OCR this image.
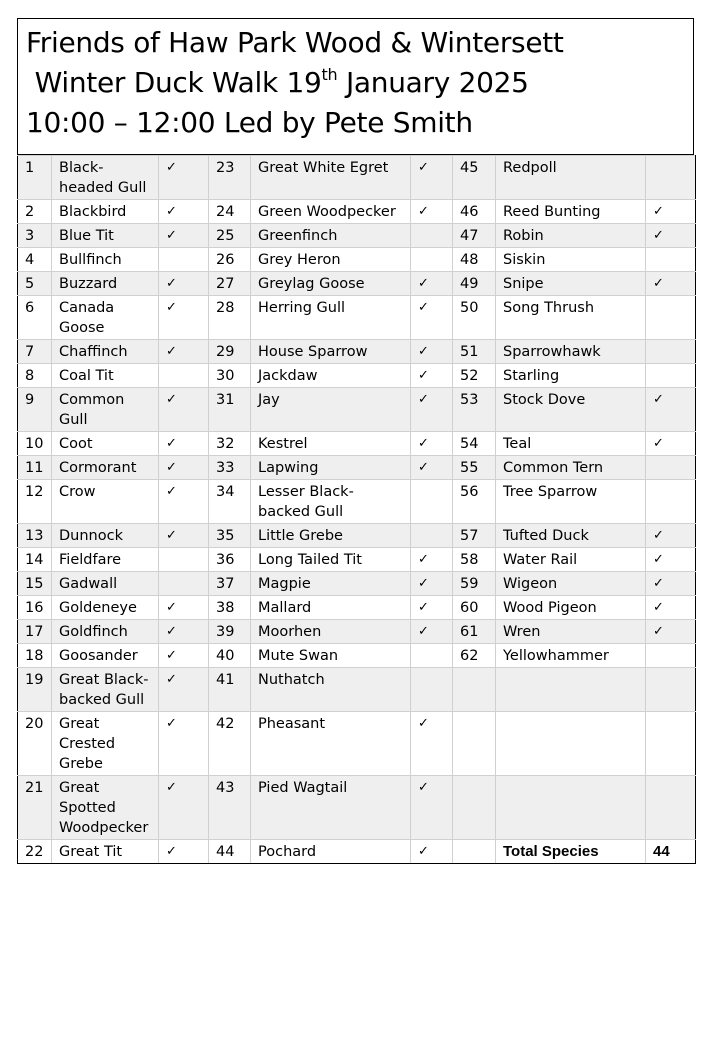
Friends of Haw Park Wood & Wintersett
Winter Duck Walk 19th January 2025
10:00 – 12:00 Led by Pete Smith
1	Black-headed Gull	✓	23	Great White Egret	✓	45	Redpoll	
2	Blackbird	✓	24	Green Woodpecker	✓	46	Reed Bunting	✓
3	Blue Tit	✓	25	Greenfinch		47	Robin	✓
4	Bullfinch		26	Grey Heron		48	Siskin	
5	Buzzard	✓	27	Greylag Goose	✓	49	Snipe	✓
6	Canada Goose	✓	28	Herring Gull	✓	50	Song Thrush	
7	Chaffinch	✓	29	House Sparrow	✓	51	Sparrowhawk	
8	Coal Tit		30	Jackdaw	✓	52	Starling	
9	Common Gull	✓	31	Jay	✓	53	Stock Dove	✓
10	Coot	✓	32	Kestrel	✓	54	Teal	✓
11	Cormorant	✓	33	Lapwing	✓	55	Common Tern	
12	Crow	✓	34	Lesser Black-backed Gull		56	Tree Sparrow	
13	Dunnock	✓	35	Little Grebe		57	Tufted Duck	✓
14	Fieldfare		36	Long Tailed Tit	✓	58	Water Rail	✓
15	Gadwall		37	Magpie	✓	59	Wigeon	✓
16	Goldeneye	✓	38	Mallard	✓	60	Wood Pigeon	✓
17	Goldfinch	✓	39	Moorhen	✓	61	Wren	✓
18	Goosander	✓	40	Mute Swan		62	Yellowhammer	
19	Great Black-backed Gull	✓	41	Nuthatch				
20	Great Crested Grebe	✓	42	Pheasant	✓			
21	Great Spotted Woodpecker	✓	43	Pied Wagtail	✓			
22	Great Tit	✓	44	Pochard	✓		Total Species	44
